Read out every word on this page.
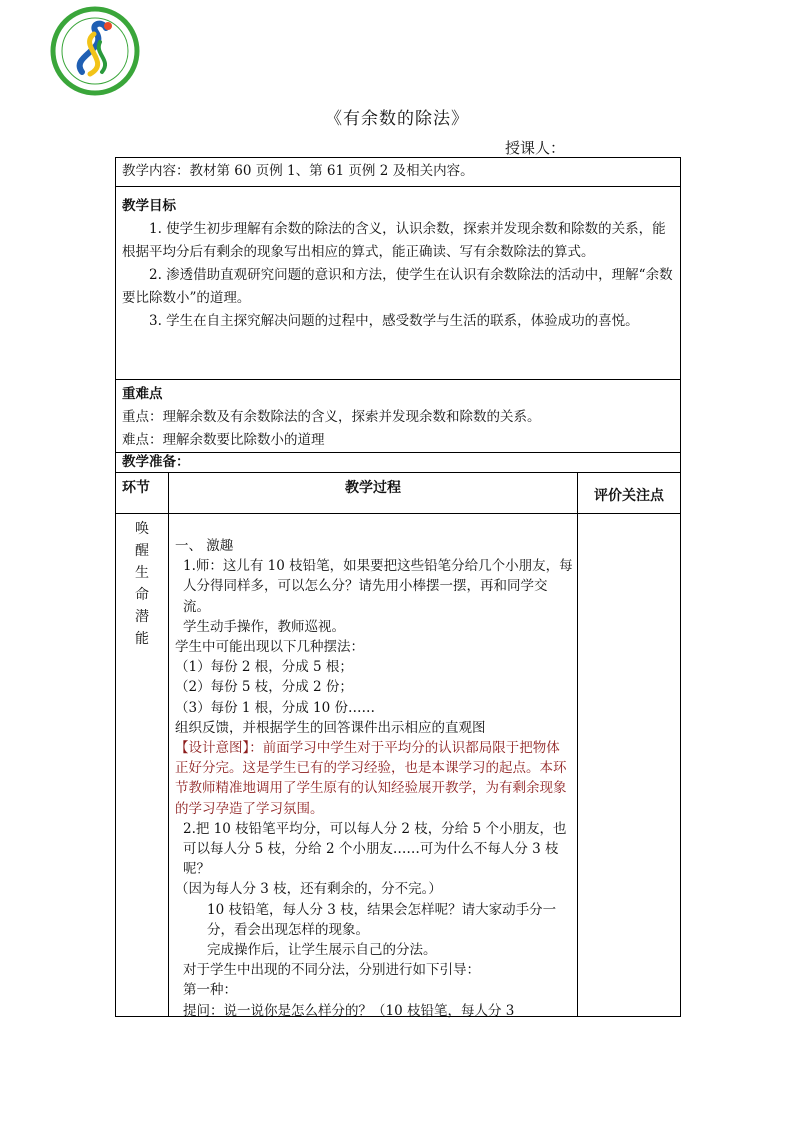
《有余数的除法》
授课人：
教学内容：教材第 60 页例 1、第 61 页例 2 及相关内容。
教学目标
1. 使学生初步理解有余数的除法的含义，认识余数，探索并发现余数和除数的关系，能根据平均分后有剩余的现象写出相应的算式，能正确读、写有余数除法的算式。
2. 渗透借助直观研究问题的意识和方法，使学生在认识有余数除法的活动中，理解“余数要比除数小”的道理。
3. 学生在自主探究解决问题的过程中，感受数学与生活的联系，体验成功的喜悦。
重难点
重点：理解余数及有余数除法的含义，探索并发现余数和除数的关系。
难点：理解余数要比除数小的道理
教学准备：
环节	教学过程	评价关注点
唤
醒
生
命
潜
能
一、 激趣
1.师：这儿有 10 枝铅笔，如果要把这些铅笔分给几个小朋友，每人分得同样多，可以怎么分？请先用小棒摆一摆，再和同学交流。
学生动手操作，教师巡视。
学生中可能出现以下几种摆法：
（1）每份 2 根，分成 5 根；
（2）每份 5 枝，分成 2 份；
（3）每份 1 根，分成 10 份……
组织反馈，并根据学生的回答课件出示相应的直观图
【设计意图】：前面学习中学生对于平均分的认识都局限于把物体正好分完。这是学生已有的学习经验，也是本课学习的起点。本环节教师精准地调用了学生原有的认知经验展开教学，为有剩余现象的学习孕造了学习氛围。
2.把 10 枝铅笔平均分，可以每人分 2 枝，分给 5 个小朋友，也可以每人分 5 枝，分给 2 个小朋友……可为什么不每人分 3 枝呢？
（因为每人分 3 枝，还有剩余的，分不完。）
10 枝铅笔，每人分 3 枝，结果会怎样呢？请大家动手分一分，看会出现怎样的现象。
完成操作后，让学生展示自己的分法。
对于学生中出现的不同分法，分别进行如下引导：
第一种：
提问：说一说你是怎么样分的？（10 枝铅笔，每人分 3
